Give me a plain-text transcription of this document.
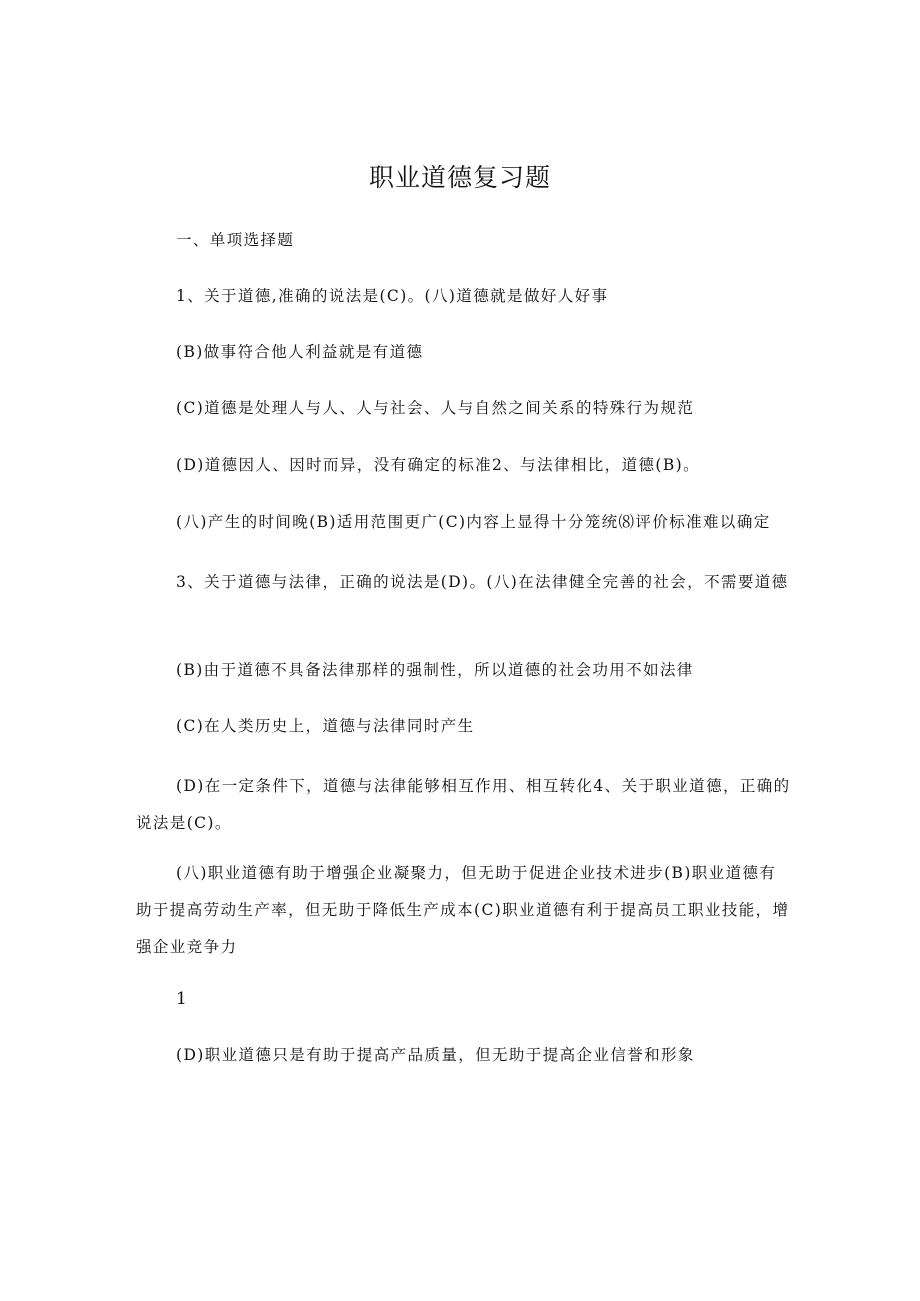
职业道德复习题
一、单项选择题
1、关于道德,准确的说法是(C)。(八)道德就是做好人好事
(B)做事符合他人利益就是有道德
(C)道德是处理人与人、人与社会、人与自然之间关系的特殊行为规范
(D)道德因人、因时而异，没有确定的标准2、与法律相比，道德(B)。
(八)产生的时间晚(B)适用范围更广(C)内容上显得十分笼统⑻评价标准难以确定
3、关于道德与法律，正确的说法是(D)。(八)在法律健全完善的社会，不需要道德
(B)由于道德不具备法律那样的强制性，所以道德的社会功用不如法律
(C)在人类历史上，道德与法律同时产生
(D)在一定条件下，道德与法律能够相互作用、相互转化4、关于职业道德，正确的说法是(C)。
(八)职业道德有助于增强企业凝聚力，但无助于促进企业技术进步(B)职业道德有助于提高劳动生产率，但无助于降低生产成本(C)职业道德有利于提高员工职业技能，增强企业竞争力
1
(D)职业道德只是有助于提高产品质量，但无助于提高企业信誉和形象
